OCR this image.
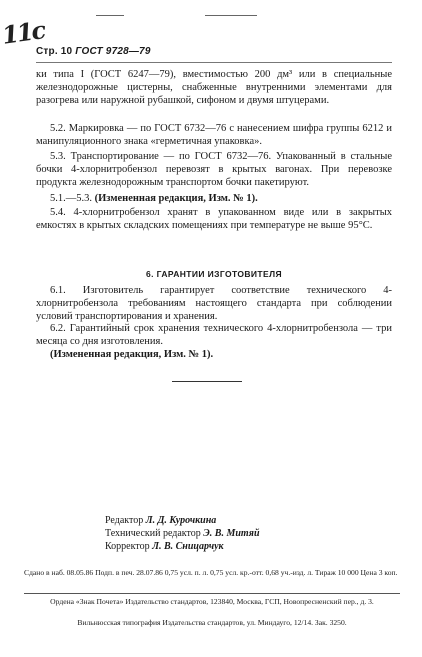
11c
Стр. 10 ГОСТ 9728—79

ки типа I (ГОСТ 6247—79), вместимостью 200 дм³ или в специальные железнодорожные цистерны, снабженные внутренними элементами для разогрева или наружной рубашкой, сифоном и двумя штуцерами.

5.2. Маркировка — по ГОСТ 6732—76 с нанесением шифра группы 6212 и манипуляционного знака «герметичная упаковка».

5.3. Транспортирование — по ГОСТ 6732—76. Упакованный в стальные бочки 4-хлорнитробензол перевозят в крытых вагонах. При перевозке продукта железнодорожным транспортом бочки пакетируют.

5.1.—5.3. (Измененная редакция, Изм. № 1).

5.4. 4-хлорнитробензол хранят в упакованном виде или в закрытых емкостях в крытых складских помещениях при температуре не выше 95°С.

6. ГАРАНТИИ ИЗГОТОВИТЕЛЯ

6.1. Изготовитель гарантирует соответствие технического 4-хлорнитробензола требованиям настоящего стандарта при соблюдении условий транспортирования и хранения.

6.2. Гарантийный срок хранения технического 4-хлорнитробензола — три месяца со дня изготовления.

(Измененная редакция, Изм. № 1).

Редактор Л. Д. Курочкина
Технический редактор Э. В. Митяй
Корректор Л. В. Сницарчук

Сдано в наб. 08.05.86 Подп. в печ. 28.07.86 0,75 усл. п. л. 0,75 усл. кр.-отт. 0,68 уч.-изд. л. Тираж 10 000 Цена 3 коп.

Ордена «Знак Почета» Издательство стандартов, 123840, Москва, ГСП, Новопресненский пер., д. 3.

Вильнюсская типография Издательства стандартов, ул. Миндауго, 12/14. Зак. 3250.
